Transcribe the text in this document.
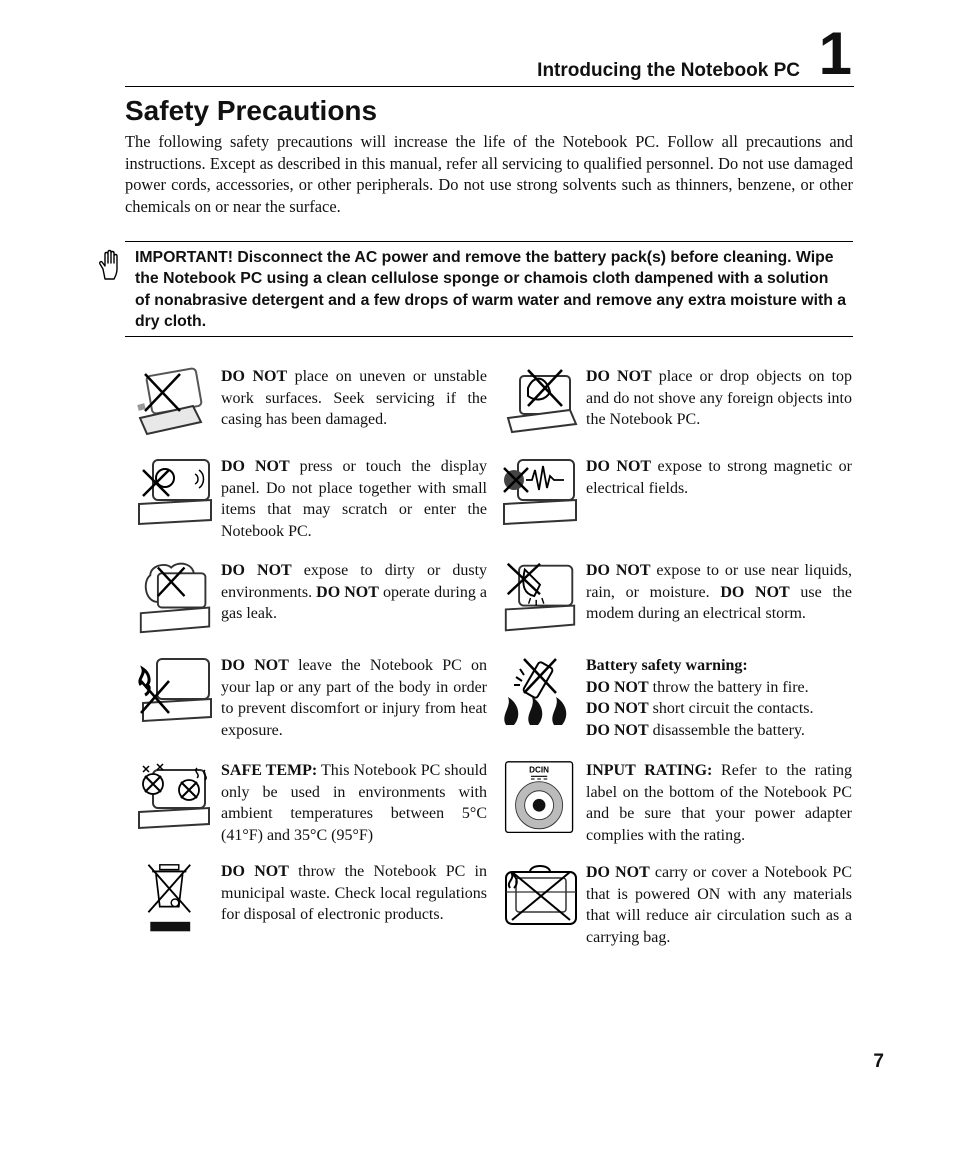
Introducing the Notebook PC 1
Safety Precautions

The following safety precautions will increase the life of the Notebook PC. Follow all precautions and instructions. Except as described in this manual, refer all servicing to qualified personnel. Do not use damaged power cords, accessories, or other peripherals. Do not use strong solvents such as thinners, benzene, or other chemicals on or near the surface.

IMPORTANT! Disconnect the AC power and remove the battery pack(s) before cleaning. Wipe the Notebook PC using a clean cellulose sponge or chamois cloth dampened with a solution of nonabrasive detergent and a few drops of warm water and remove any extra moisture with a dry cloth.

DO NOT place on uneven or unstable work surfaces. Seek servicing if the casing has been damaged.

DO NOT place or drop objects on top and do not shove any foreign objects into the Notebook PC.

DO NOT press or touch the display panel. Do not place together with small items that may scratch or enter the Notebook PC.

DO NOT expose to strong magnetic or electrical fields.

DO NOT expose to dirty or dusty environments. DO NOT operate during a gas leak.

DO NOT expose to or use near liquids, rain, or moisture. DO NOT use the modem during an electrical storm.

DO NOT leave the Notebook PC on your lap or any part of the body in order to prevent discomfort or injury from heat exposure.

Battery safety warning:
DO NOT throw the battery in fire.
DO NOT short circuit the contacts.
DO NOT disassemble the battery.

SAFE TEMP: This Notebook PC should only be used in environments with ambient temperatures between 5°C (41°F) and 35°C (95°F)

DCIN INPUT RATING: Refer to the rating label on the bottom of the Notebook PC and be sure that your power adapter complies with the rating.

DO NOT throw the Notebook PC in municipal waste. Check local regulations for disposal of electronic products.

DO NOT carry or cover a Notebook PC that is powered ON with any materials that will reduce air circulation such as a carrying bag.

7
